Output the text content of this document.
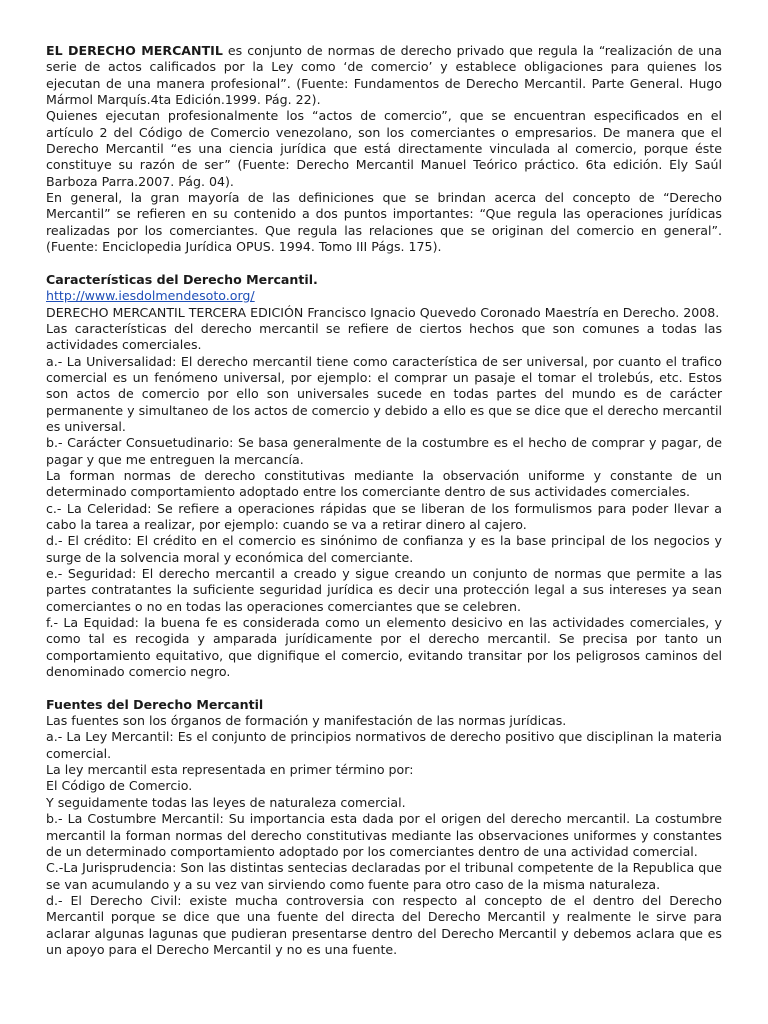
EL DERECHO MERCANTIL es conjunto de normas de derecho privado que regula la “realización de una serie de actos calificados por la Ley como ‘de comercio’ y establece obligaciones para quienes los ejecutan de una manera profesional”. (Fuente: Fundamentos de Derecho Mercantil. Parte General. Hugo Mármol Marquís.4ta Edición.1999. Pág. 22).

Quienes ejecutan profesionalmente los “actos de comercio”, que se encuentran especificados en el artículo 2 del Código de Comercio venezolano, son los comerciantes o empresarios. De manera que el Derecho Mercantil “es una ciencia jurídica que está directamente vinculada al comercio, porque éste constituye su razón de ser” (Fuente: Derecho Mercantil Manuel Teórico práctico. 6ta edición. Ely Saúl Barboza Parra.2007. Pág. 04).

En general, la gran mayoría de las definiciones que se brindan acerca del concepto de “Derecho Mercantil” se refieren en su contenido a dos puntos importantes: “Que regula las operaciones jurídicas realizadas por los comerciantes. Que regula las relaciones que se originan del comercio en general”. (Fuente: Enciclopedia Jurídica OPUS. 1994. Tomo III Págs. 175).

Características del Derecho Mercantil.

http://www.iesdolmendesoto.org/

DERECHO MERCANTIL TERCERA EDICIÓN Francisco Ignacio Quevedo Coronado Maestría en Derecho. 2008.

Las características del derecho mercantil se refiere de ciertos hechos que son comunes a todas las actividades comerciales.

a.- La Universalidad: El derecho mercantil tiene como característica de ser universal, por cuanto el trafico comercial es un fenómeno universal, por ejemplo: el comprar un pasaje el tomar el trolebús, etc. Estos son actos de comercio por ello son universales sucede en todas partes del mundo es de carácter permanente y simultaneo de los actos de comercio y debido a ello es que se dice que el derecho mercantil es universal.

b.- Carácter Consuetudinario: Se basa generalmente de la costumbre es el hecho de comprar y pagar, de pagar y que me entreguen la mercancía.

La forman normas de derecho constitutivas mediante la observación uniforme y constante de un determinado comportamiento adoptado entre los comerciante dentro de sus actividades comerciales.

c.- La Celeridad: Se refiere a operaciones rápidas que se liberan de los formulismos para poder llevar a cabo la tarea a realizar, por ejemplo: cuando se va a retirar dinero al cajero.

d.- El crédito: El crédito en el comercio es sinónimo de confianza y es la base principal de los negocios y surge de la solvencia moral y económica del comerciante.

e.- Seguridad: El derecho mercantil a creado y sigue creando un conjunto de normas que permite a las partes contratantes la suficiente seguridad jurídica es decir una protección legal a sus intereses ya sean comerciantes o no en todas las operaciones comerciantes que se celebren.

f.- La Equidad: la buena fe es considerada como un elemento desicivo en las actividades comerciales, y como tal es recogida y amparada jurídicamente por el derecho mercantil. Se precisa por tanto un comportamiento equitativo, que dignifique el comercio, evitando transitar por los peligrosos caminos del denominado comercio negro.

Fuentes del Derecho Mercantil

Las fuentes son los órganos de formación y manifestación de las normas jurídicas.

a.- La Ley Mercantil: Es el conjunto de principios normativos de derecho positivo que disciplinan la materia comercial.

La ley mercantil esta representada en primer término por:

El Código de Comercio.

Y seguidamente todas las leyes de naturaleza comercial.

b.- La Costumbre Mercantil: Su importancia esta dada por el origen del derecho mercantil. La costumbre mercantil la forman normas del derecho constitutivas mediante las observaciones uniformes y constantes de un determinado comportamiento adoptado por los comerciantes dentro de una actividad comercial.

C.-La Jurisprudencia: Son las distintas sentecias declaradas por el tribunal competente de la Republica que se van acumulando y a su vez van sirviendo como fuente para otro caso de la misma naturaleza.

d.- El Derecho Civil: existe mucha controversia con respecto al concepto de el dentro del Derecho Mercantil porque se dice que una fuente del directa del Derecho Mercantil y realmente le sirve para aclarar algunas lagunas que pudieran presentarse dentro del Derecho Mercantil y debemos aclara que es un apoyo para el Derecho Mercantil y no es una fuente.
